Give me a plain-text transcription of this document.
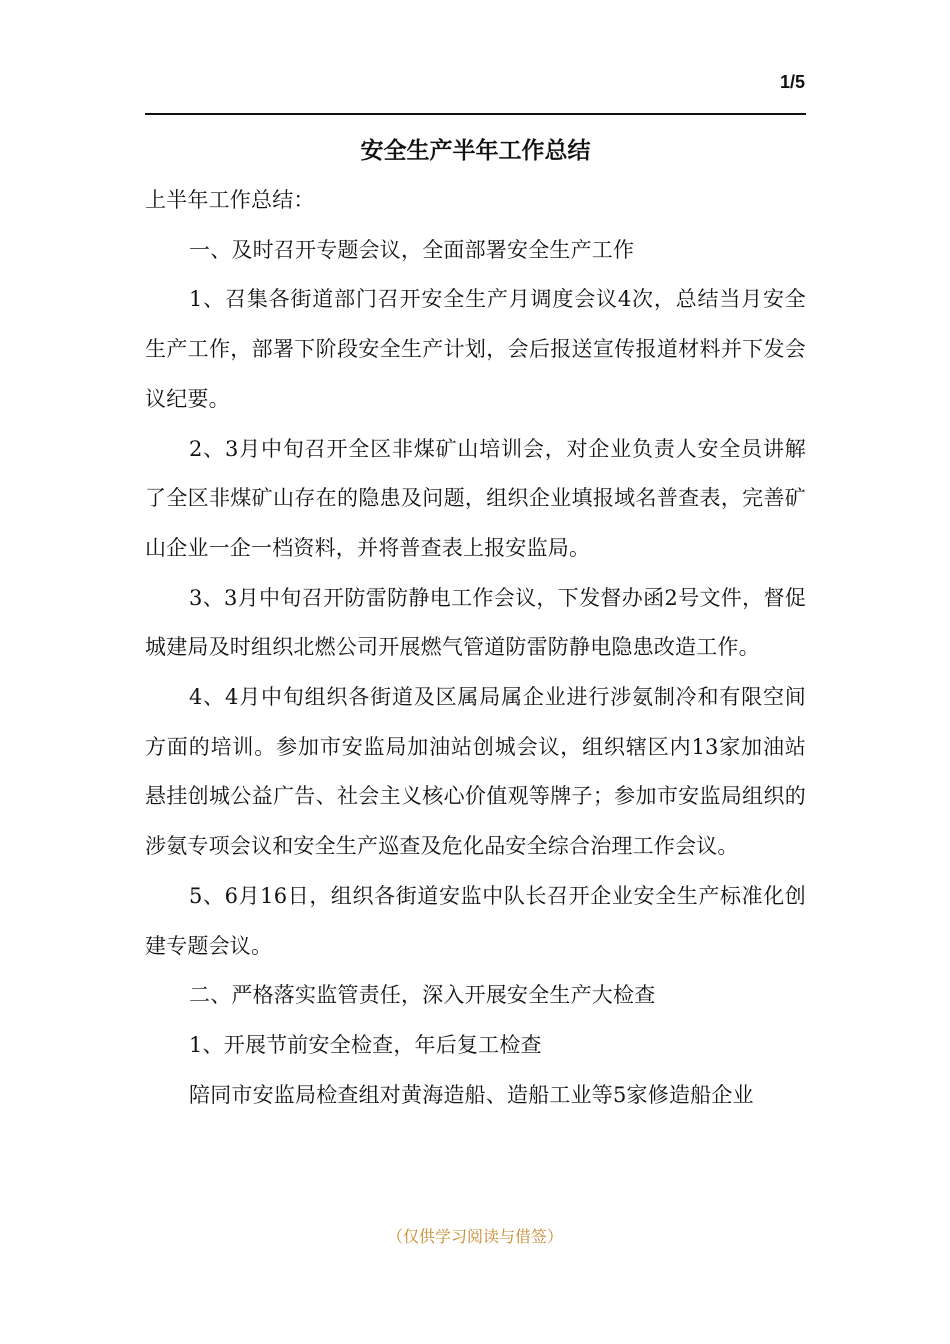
1/5
安全生产半年工作总结

上半年工作总结：

一、及时召开专题会议，全面部署安全生产工作

1、召集各街道部门召开安全生产月调度会议4次，总结当月安全生产工作，部署下阶段安全生产计划，会后报送宣传报道材料并下发会议纪要。

2、3月中旬召开全区非煤矿山培训会，对企业负责人安全员讲解了全区非煤矿山存在的隐患及问题，组织企业填报域名普查表，完善矿山企业一企一档资料，并将普查表上报安监局。

3、3月中旬召开防雷防静电工作会议，下发督办函2号文件，督促城建局及时组织北燃公司开展燃气管道防雷防静电隐患改造工作。

4、4月中旬组织各街道及区属局属企业进行涉氨制冷和有限空间方面的培训。参加市安监局加油站创城会议，组织辖区内13家加油站悬挂创城公益广告、社会主义核心价值观等牌子；参加市安监局组织的涉氨专项会议和安全生产巡查及危化品安全综合治理工作会议。

5、6月16日，组织各街道安监中队长召开企业安全生产标准化创建专题会议。

二、严格落实监管责任，深入开展安全生产大检查

1、开展节前安全检查，年后复工检查

陪同市安监局检查组对黄海造船、造船工业等5家修造船企业

（仅供学习阅读与借签）
